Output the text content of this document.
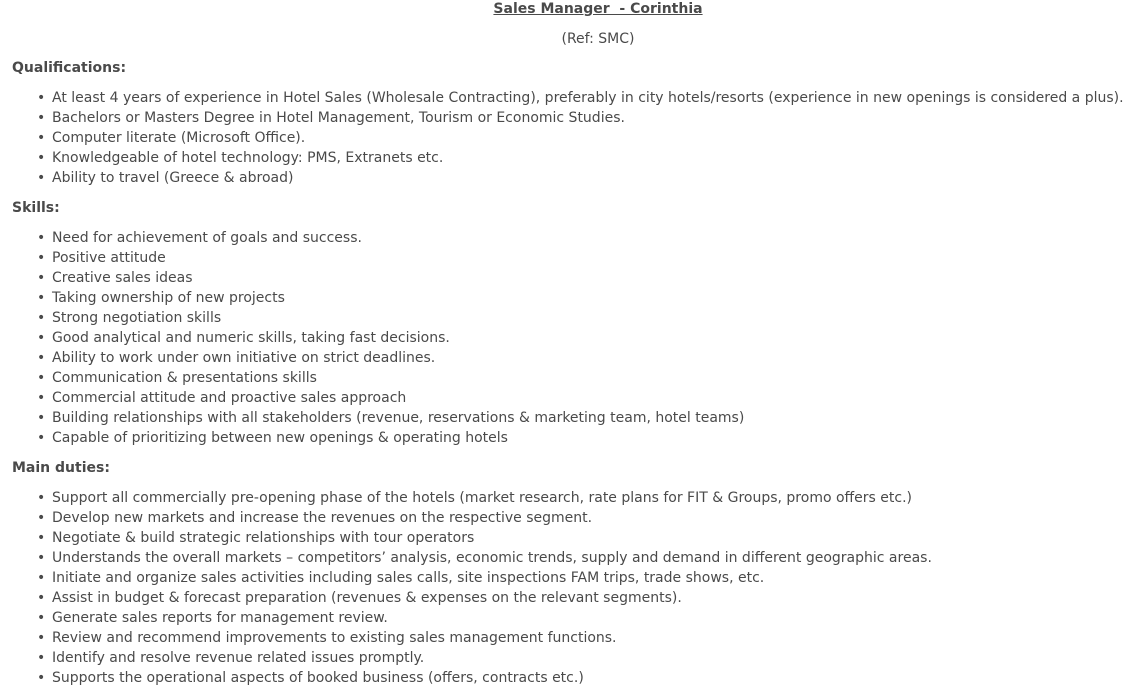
Sales Manager  - Corinthia
(Ref: SMC)
Qualifications:
• At least 4 years of experience in Hotel Sales (Wholesale Contracting), preferably in city hotels/resorts (experience in new openings is considered a plus).
• Bachelors or Masters Degree in Hotel Management, Tourism or Economic Studies.
• Computer literate (Microsoft Office).
• Knowledgeable of hotel technology: PMS, Extranets etc.
• Ability to travel (Greece & abroad)
Skills:
• Need for achievement of goals and success.
• Positive attitude
• Creative sales ideas
• Taking ownership of new projects
• Strong negotiation skills
• Good analytical and numeric skills, taking fast decisions.
• Ability to work under own initiative on strict deadlines.
• Communication & presentations skills
• Commercial attitude and proactive sales approach
• Building relationships with all stakeholders (revenue, reservations & marketing team, hotel teams)
• Capable of prioritizing between new openings & operating hotels
Main duties:
• Support all commercially pre-opening phase of the hotels (market research, rate plans for FIT & Groups, promo offers etc.)
• Develop new markets and increase the revenues on the respective segment.
• Negotiate & build strategic relationships with tour operators
• Understands the overall markets – competitors’ analysis, economic trends, supply and demand in different geographic areas.
• Initiate and organize sales activities including sales calls, site inspections FAM trips, trade shows, etc.
• Assist in budget & forecast preparation (revenues & expenses on the relevant segments).
• Generate sales reports for management review.
• Review and recommend improvements to existing sales management functions.
• Identify and resolve revenue related issues promptly.
• Supports the operational aspects of booked business (offers, contracts etc.)
